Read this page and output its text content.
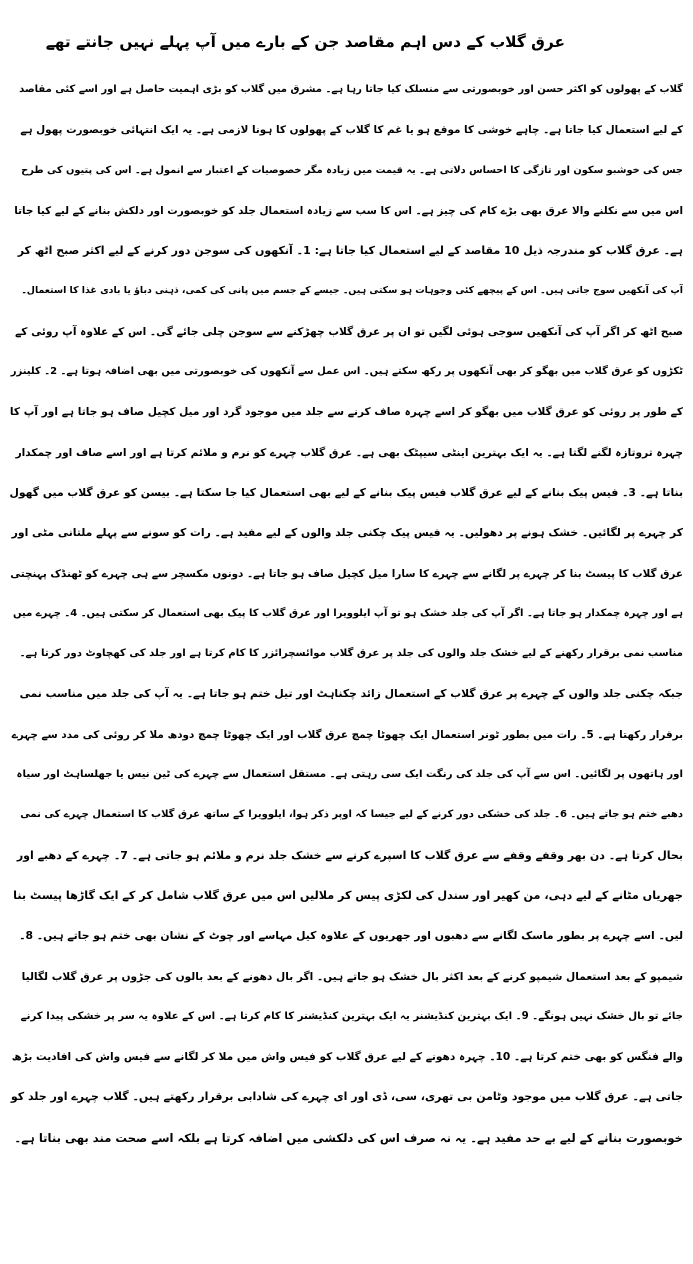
عرق گلاب کے دس اہم مقاصد جن کے بارے میں آپ پہلے نہیں جانتے تھے
گلاب کے پھولوں کو اکثر حسن اور خوبصورتی سے منسلک کیا جاتا رہا ہے۔ مشرق میں گلاب کو بڑی اہمیت حاصل ہے اور اسے کئی مقاصد
کے لیے استعمال کیا جاتا ہے۔ چاہے خوشی کا موقع ہو یا غم کا گلاب کے پھولوں کا ہونا لازمی ہے۔ یہ ایک انتہائی خوبصورت پھول ہے
جس کی خوشبو سکون اور تازگی کا احساس دلاتی ہے۔ یہ قیمت میں زیادہ مگر خصوصیات کے اعتبار سے انمول ہے۔ اس کی پتیوں کی طرح
اس میں سے نکلنے والا عرق بھی بڑے کام کی چیز ہے۔ اس کا سب سے زیادہ استعمال جلد کو خوبصورت اور دلکش بنانے کے لیے کیا جاتا
ہے۔ عرق گلاب کو مندرجہ ذیل 10 مقاصد کے لیے استعمال کیا جاتا ہے: 1۔ آنکھوں کی سوجن دور کرنے کے لیے اکثر صبح اٹھ کر
آپ کی آنکھیں سوج جاتی ہیں۔ اس کے پیچھے کئی وجوہات ہو سکتی ہیں۔ جیسے کے جسم میں پانی کی کمی، ذہنی دباؤ یا بادی غذا کا استعمال۔
صبح اٹھ کر اگر آپ کی آنکھیں سوجی ہوئی لگیں تو ان پر عرق گلاب چھڑکنے سے سوجن چلی جائے گی۔ اس کے علاوہ آپ روئی کے
ٹکڑوں کو عرق گلاب میں بھگو کر بھی آنکھوں پر رکھ سکتے ہیں۔ اس عمل سے آنکھوں کی خوبصورتی میں بھی اضافہ ہوتا ہے۔ 2۔ کلینزر
کے طور پر روئی کو عرق گلاب میں بھگو کر اسے چہرہ صاف کرنے سے جلد میں موجود گرد اور میل کچیل صاف ہو جاتا ہے اور آپ کا
چہرہ تروتازہ لگنے لگتا ہے۔ یہ ایک بہترین اینٹی سیپٹک بھی ہے۔ عرق گلاب چہرے کو نرم و ملائم کرتا ہے اور اسے صاف اور چمکدار
بناتا ہے۔ 3۔ فیس پیک بنانے کے لیے عرق گلاب فیس پیک بنانے کے لیے بھی استعمال کیا جا سکتا ہے۔ بیسن کو عرق گلاب میں گھول
کر چہرے پر لگائیں۔ خشک ہونے پر دھولیں۔ یہ فیس پیک چکنی جلد والوں کے لیے مفید ہے۔ رات کو سونے سے پہلے ملتانی مٹی اور
عرق گلاب کا پیسٹ بنا کر چہرے پر لگانے سے چہرے کا سارا میل کچیل صاف ہو جاتا ہے۔ دونوں مکسچر سے ہی چہرے کو ٹھنڈک پہنچتی
ہے اور چہرہ چمکدار ہو جاتا ہے۔ اگر آپ کی جلد خشک ہو تو آپ ایلوویرا اور عرق گلاب کا پیک بھی استعمال کر سکتی ہیں۔ 4۔ چہرے میں
مناسب نمی برقرار رکھنے کے لیے خشک جلد والوں کی جلد پر عرق گلاب موائسچرائزر کا کام کرتا ہے اور جلد کی کھچاوٹ دور کرتا ہے۔
جبکہ چکنی جلد والوں کے چہرے پر عرق گلاب کے استعمال زائد چکناہٹ اور تیل ختم ہو جاتا ہے۔ یہ آپ کی جلد میں مناسب نمی
برقرار رکھتا ہے۔ 5۔ رات میں بطور ٹونر استعمال ایک چھوٹا چمچ عرق گلاب اور ایک چھوٹا چمچ دودھ ملا کر روئی کی مدد سے چہرے
اور ہاتھوں پر لگائیں۔ اس سے آپ کی جلد کی رنگت ایک سی رہتی ہے۔ مستقل استعمال سے چہرے کی ٹین نیس یا جھلساہٹ اور سیاہ
دھبے ختم ہو جاتے ہیں۔ 6۔ جلد کی خشکی دور کرنے کے لیے جیسا کہ اوپر ذکر ہوا، ایلوویرا کے ساتھ عرق گلاب کا استعمال چہرے کی نمی
بحال کرتا ہے۔ دن بھر وقفے وقفے سے عرق گلاب کا اسپرے کرنے سے خشک جلد نرم و ملائم ہو جاتی ہے۔ 7۔ چہرے کے دھبے اور
جھریاں مٹانے کے لیے دہی، من کھیر اور سندل کی لکڑی پیس کر ملالیں اس میں عرق گلاب شامل کر کے ایک گاڑھا پیسٹ بنا
لیں۔ اسے چہرے پر بطور ماسک لگانے سے دھبوں اور جھریوں کے علاوہ کیل مہاسے اور چوٹ کے نشان بھی ختم ہو جاتے ہیں۔ 8۔
شیمپو کے بعد استعمال شیمپو کرنے کے بعد اکثر بال خشک ہو جاتے ہیں۔ اگر بال دھونے کے بعد بالوں کی جڑوں پر عرق گلاب لگالیا
جائے تو بال خشک نہیں ہونگے۔ 9۔ ایک بہترین کنڈیشنر یہ ایک بہترین کنڈیشنر کا کام کرتا ہے۔ اس کے علاوہ یہ سر پر خشکی پیدا کرنے
والے فنگس کو بھی ختم کرتا ہے۔ 10۔ چہرہ دھونے کے لیے عرق گلاب کو فیس واش میں ملا کر لگانے سے فیس واش کی افادیت بڑھ
جاتی ہے۔ عرق گلاب میں موجود وٹامن بی تھری، سی، ڈی اور ای چہرے کی شادابی برقرار رکھتے ہیں۔ گلاب چہرے اور جلد کو
خوبصورت بنانے کے لیے بے حد مفید ہے۔ یہ نہ صرف اس کی دلکشی میں اضافہ کرتا ہے بلکہ اسے صحت مند بھی بناتا ہے۔
